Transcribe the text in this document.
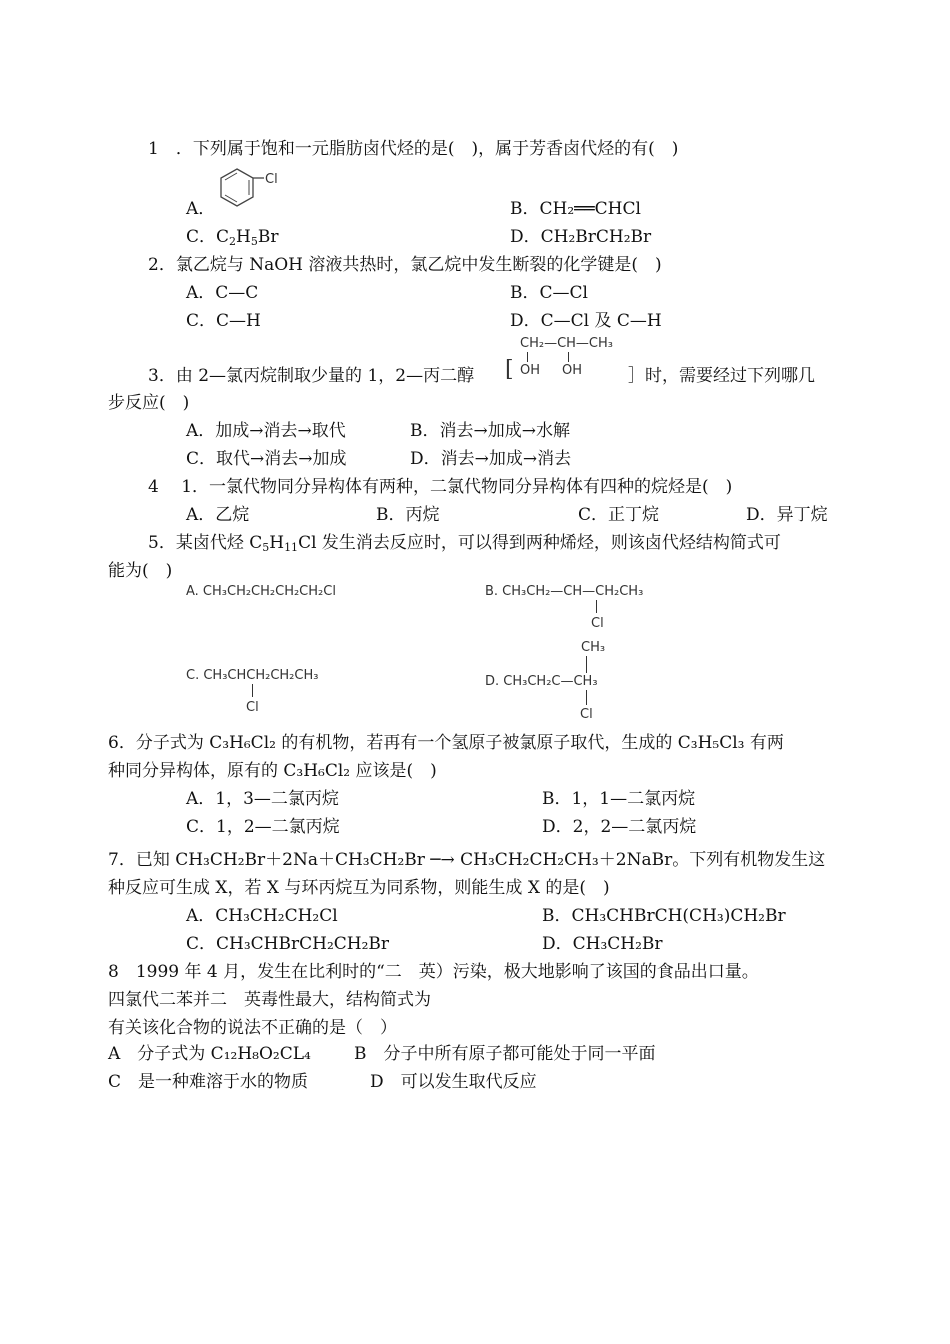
1　．下列属于饱和一元脂肪卤代烃的是(　)，属于芳香卤代烃的有(　)
A．
Cl
B．CH₂══CHCl
C．$C_2H_5Br$	D．CH₂BrCH₂Br
2．氯乙烷与 NaOH 溶液共热时，氯乙烷中发生断裂的化学键是(　)
A．C—C	B．C—Cl
C．C—H	D．C—Cl 及 C—H
CH₂—CH—CH₃
OH OH
[
3．由 2—氯丙烷制取少量的 1，2—丙二醇	］时，需要经过下列哪几
步反应(　)
A．加成→消去→取代	B．消去→加成→水解
C．取代→消去→加成	D．消去→加成→消去
4　 1．一氯代物同分异构体有两种，二氯代物同分异构体有四种的烷烃是(　)
A．乙烷	B．丙烷	C．正丁烷	D．异丁烷
5．某卤代烃 $C_5H_{11}Cl$ 发生消去反应时，可以得到两种烯烃，则该卤代烃结构简式可
能为(　)
A. CH₃CH₂CH₂CH₂CH₂Cl	B. CH₃CH₂—CH—CH₂CH₃
Cl
C. CH₃CHCH₂CH₂CH₃
Cl
CH₃
D. CH₃CH₂C—CH₃
Cl
6．分子式为 C₃H₆Cl₂ 的有机物，若再有一个氢原子被氯原子取代，生成的 C₃H₅Cl₃ 有两
种同分异构体，原有的 C₃H₆Cl₂ 应该是(　)
A．1，3—二氯丙烷	B．1，1—二氯丙烷
C．1，2—二氯丙烷	D．2，2—二氯丙烷
7．已知 CH₃CH₂Br＋2Na＋CH₃CH₂Br ─→ CH₃CH₂CH₂CH₃＋2NaBr。下列有机物发生这
种反应可生成 X，若 X 与环丙烷互为同系物，则能生成 X 的是(　)
A．CH₃CH₂CH₂Cl	B．CH₃CHBrCH(CH₃)CH₂Br
C．CH₃CHBrCH₂CH₂Br	D．CH₃CH₂Br
8　1999 年 4 月，发生在比利时的“二　英）污染，极大地影响了该国的食品出口量。
四氯代二苯并二　英毒性最大，结构简式为
有关该化合物的说法不正确的是（　）
A　分子式为 C₁₂H₈O₂CL₄	B　分子中所有原子都可能处于同一平面
C　是一种难溶于水的物质	D　可以发生取代反应
